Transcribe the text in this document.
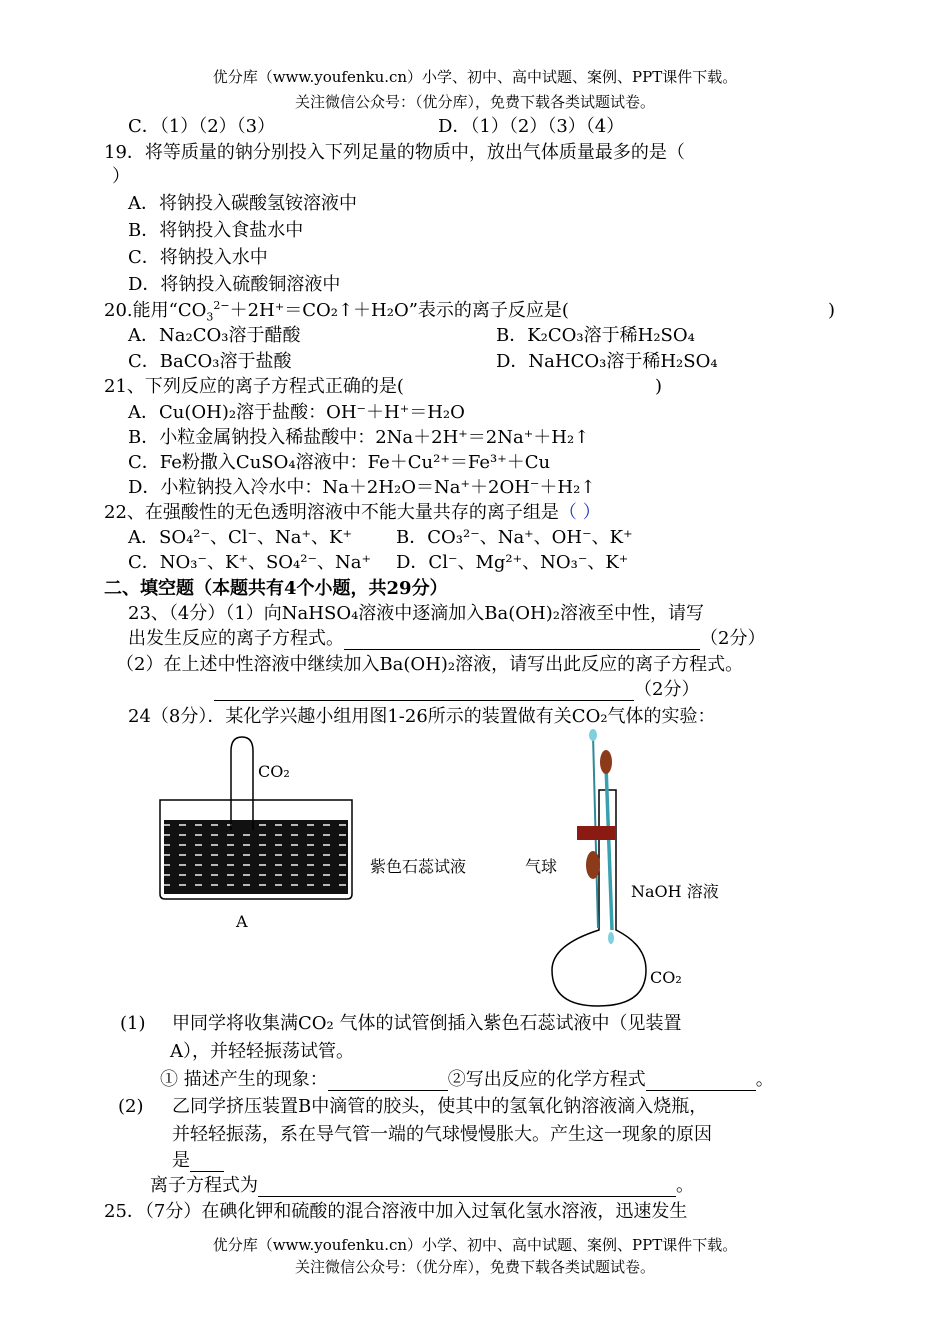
优分库（www.youfenku.cn）小学、初中、高中试题、案例、PPT课件下载。
关注微信公众号：（优分库），免费下载各类试题试卷。
C．（1）（2）（3）	D．（1）（2）（3）（4）
19．将等质量的钠分别投入下列足量的物质中，放出气体质量最多的是（
）
A．将钠投入碳酸氢铵溶液中
B．将钠投入食盐水中
C．将钠投入水中
D．将钠投入硫酸铜溶液中
20.能用“$CO_3^{2-}+2H^+=CO_2↑+H_2O$”表示的离子反应是(	)
A．Na₂CO₃溶于醋酸	B．K₂CO₃溶于稀H₂SO₄
C．BaCO₃溶于盐酸	D．NaHCO₃溶于稀H₂SO₄
21、下列反应的离子方程式正确的是(	)
A．Cu(OH)₂溶于盐酸：OH⁻＋H⁺＝H₂O
B．小粒金属钠投入稀盐酸中：2Na＋2H⁺＝2Na⁺＋H₂↑
C．Fe粉撒入CuSO₄溶液中：Fe＋Cu²⁺＝Fe³⁺＋Cu
D．小粒钠投入冷水中：Na＋2H₂O＝Na⁺＋2OH⁻＋H₂↑
22、在强酸性的无色透明溶液中不能大量共存的离子组是（ ）
A．SO₄²⁻、Cl⁻、Na⁺、K⁺ B．CO₃²⁻、Na⁺、OH⁻、K⁺
C．NO₃⁻、K⁺、SO₄²⁻、Na⁺ D．Cl⁻、Mg²⁺、NO₃⁻、K⁺
二、填空题（本题共有4个小题，共29分）
23、（4分）（1）向NaHSO₄溶液中逐滴加入Ba(OH)₂溶液至中性，请写
出发生反应的离子方程式。	（2分）
（2）在上述中性溶液中继续加入Ba(OH)₂溶液，请写出此反应的离子方程式。
（2分）
24（8分）．某化学兴趣小组用图1-26所示的装置做有关CO₂气体的实验：
CO₂
紫色石蕊试液
A
气球
NaOH 溶液
CO₂
(1) 甲同学将收集满CO₂ 气体的试管倒插入紫色石蕊试液中（见装置
A），并轻轻振荡试管。
① 描述产生的现象：	②写出反应的化学方程式	。
(2) 乙同学挤压装置B中滴管的胶头，使其中的氢氧化钠溶液滴入烧瓶，
并轻轻振荡，系在导气管一端的气球慢慢胀大。产生这一现象的原因
是
离子方程式为	。
25．（7分）在碘化钾和硫酸的混合溶液中加入过氧化氢水溶液，迅速发生
优分库（www.youfenku.cn）小学、初中、高中试题、案例、PPT课件下载。
关注微信公众号：（优分库），免费下载各类试题试卷。
